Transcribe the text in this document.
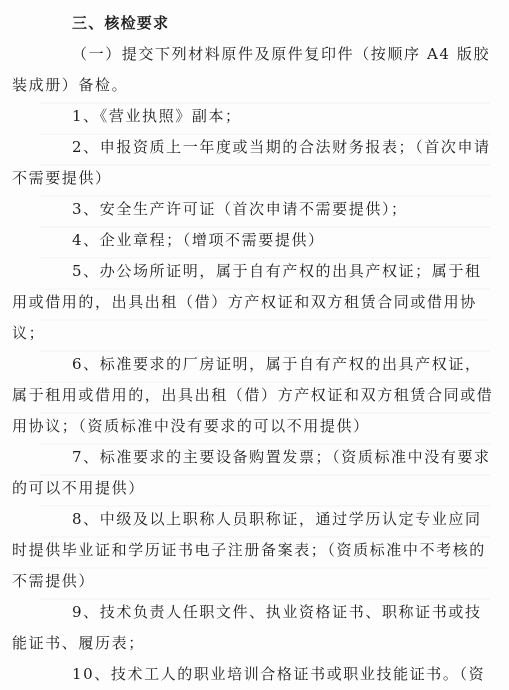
三、核检要求

（一）提交下列材料原件及原件复印件（按顺序 A4 版胶装成册）备检。

1、《营业执照》副本；

2、申报资质上一年度或当期的合法财务报表；（首次申请不需要提供）

3、安全生产许可证（首次申请不需要提供）；

4、企业章程；（增项不需要提供）

5、办公场所证明，属于自有产权的出具产权证；属于租用或借用的，出具出租（借）方产权证和双方租赁合同或借用协议；

6、标准要求的厂房证明，属于自有产权的出具产权证，属于租用或借用的，出具出租（借）方产权证和双方租赁合同或借用协议；（资质标准中没有要求的可以不用提供）

7、标准要求的主要设备购置发票；（资质标准中没有要求的可以不用提供）

8、中级及以上职称人员职称证，通过学历认定专业应同时提供毕业证和学历证书电子注册备案表；（资质标准中不考核的不需提供）

9、技术负责人任职文件、执业资格证书、职称证书或技能证书、履历表；

10、技术工人的职业培训合格证书或职业技能证书。（资
